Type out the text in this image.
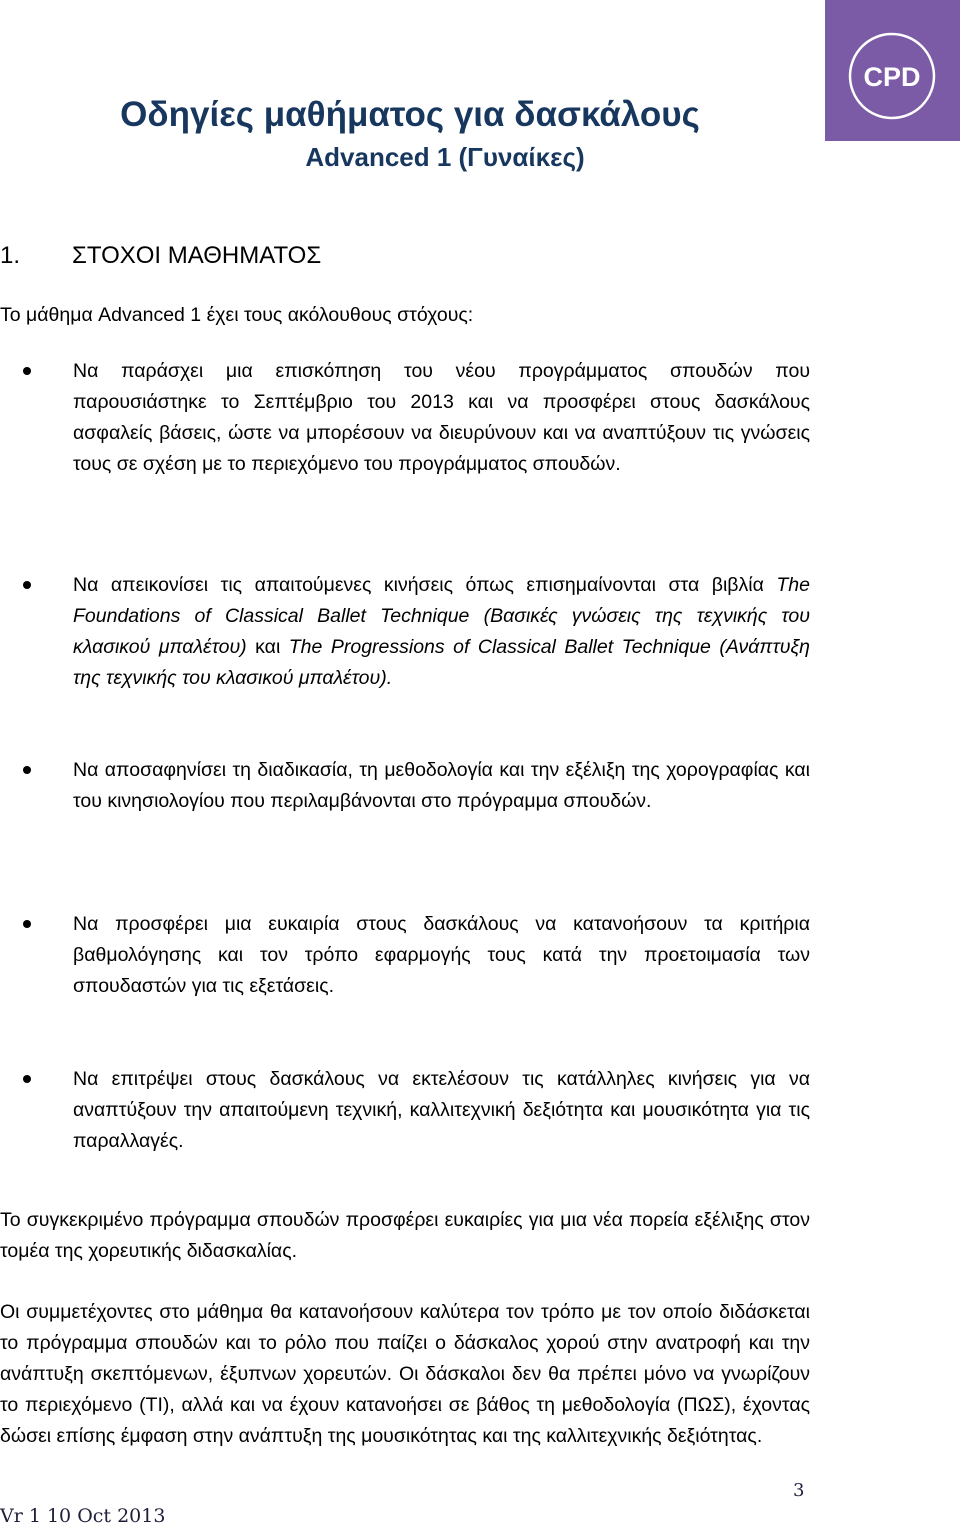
CPD
Οδηγίες μαθήματος για δασκάλους
Advanced 1 (Γυναίκες)
1. ΣΤΟΧΟΙ ΜΑΘΗΜΑΤΟΣ

Το μάθημα Advanced 1 έχει τους ακόλουθους στόχους:

Να παράσχει μια επισκόπηση του νέου προγράμματος σπουδών που παρουσιάστηκε το Σεπτέμβριο του 2013 και να προσφέρει στους δασκάλους ασφαλείς βάσεις, ώστε να μπορέσουν να διευρύνουν και να αναπτύξουν τις γνώσεις τους σε σχέση με το περιεχόμενο του προγράμματος σπουδών.

Να απεικονίσει τις απαιτούμενες κινήσεις όπως επισημαίνονται στα βιβλία The Foundations of Classical Ballet Technique (Βασικές γνώσεις της τεχνικής του κλασικού μπαλέτου) και The Progressions of Classical Ballet Technique (Ανάπτυξη της τεχνικής του κλασικού μπαλέτου).

Να αποσαφηνίσει τη διαδικασία, τη μεθοδολογία και την εξέλιξη της χορογραφίας και του κινησιολογίου που περιλαμβάνονται στο πρόγραμμα σπουδών.

Να προσφέρει μια ευκαιρία στους δασκάλους να κατανοήσουν τα κριτήρια βαθμολόγησης και τον τρόπο εφαρμογής τους κατά την προετοιμασία των σπουδαστών για τις εξετάσεις.

Να επιτρέψει στους δασκάλους να εκτελέσουν τις κατάλληλες κινήσεις για να αναπτύξουν την απαιτούμενη τεχνική, καλλιτεχνική δεξιότητα και μουσικότητα για τις παραλλαγές.

Το συγκεκριμένο πρόγραμμα σπουδών προσφέρει ευκαιρίες για μια νέα πορεία εξέλιξης στον τομέα της χορευτικής διδασκαλίας.

Οι συμμετέχοντες στο μάθημα θα κατανοήσουν καλύτερα τον τρόπο με τον οποίο διδάσκεται το πρόγραμμα σπουδών και το ρόλο που παίζει ο δάσκαλος χορού στην ανατροφή και την ανάπτυξη σκεπτόμενων, έξυπνων χορευτών. Οι δάσκαλοι δεν θα πρέπει μόνο να γνωρίζουν το περιεχόμενο (ΤΙ), αλλά και να έχουν κατανοήσει σε βάθος τη μεθοδολογία (ΠΩΣ), έχοντας δώσει επίσης έμφαση στην ανάπτυξη της μουσικότητας και της καλλιτεχνικής δεξιότητας.

3
Vr 1 10 Oct 2013
